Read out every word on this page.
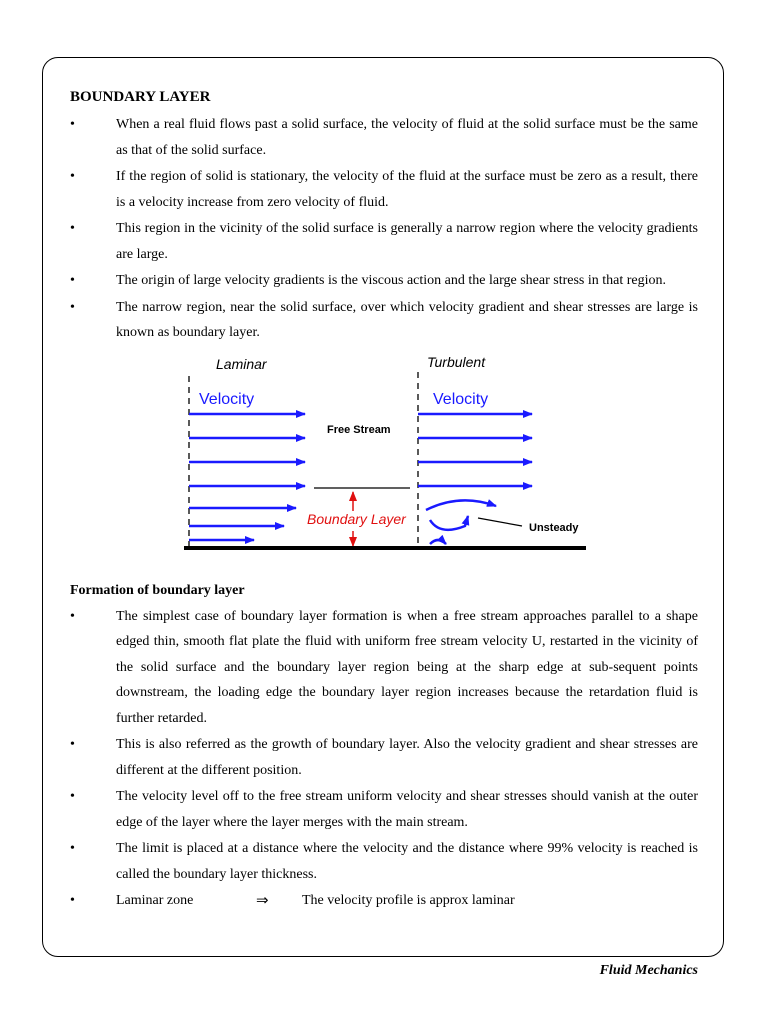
BOUNDARY LAYER
•	When a real fluid flows past a solid surface, the velocity of fluid at the solid surface must be the same as that of the solid surface.
•	If the region of solid is stationary, the velocity of the fluid at the surface must be zero as a result, there is a velocity increase from zero velocity of fluid.
•	This region in the vicinity of the solid surface is generally a narrow region where the velocity gradients are large.
•	The origin of large velocity gradients is the viscous action and the large shear stress in that region.
•	The narrow region, near the solid surface, over which velocity gradient and shear stresses are large is known as boundary layer.
Laminar	Turbulent
Velocity	Velocity
Free Stream
Boundary Layer
Unsteady
Formation of boundary layer
•	The simplest case of boundary layer formation is when a free stream approaches parallel to a shape edged thin, smooth flat plate the fluid with uniform free stream velocity U, restarted in the vicinity of the solid surface and the boundary layer region being at the sharp edge at sub-sequent points downstream, the loading edge the boundary layer region increases because the retardation fluid is further retarded.
•	This is also referred as the growth of boundary layer. Also the velocity gradient and shear stresses are different at the different position.
•	The velocity level off to the free stream uniform velocity and shear stresses should vanish at the outer edge of the layer where the layer merges with the main stream.
•	The limit is placed at a distance where the velocity and the distance where 99% velocity is reached is called the boundary layer thickness.
•	Laminar zone	⇒ The velocity profile is approx laminar
Fluid Mechanics
